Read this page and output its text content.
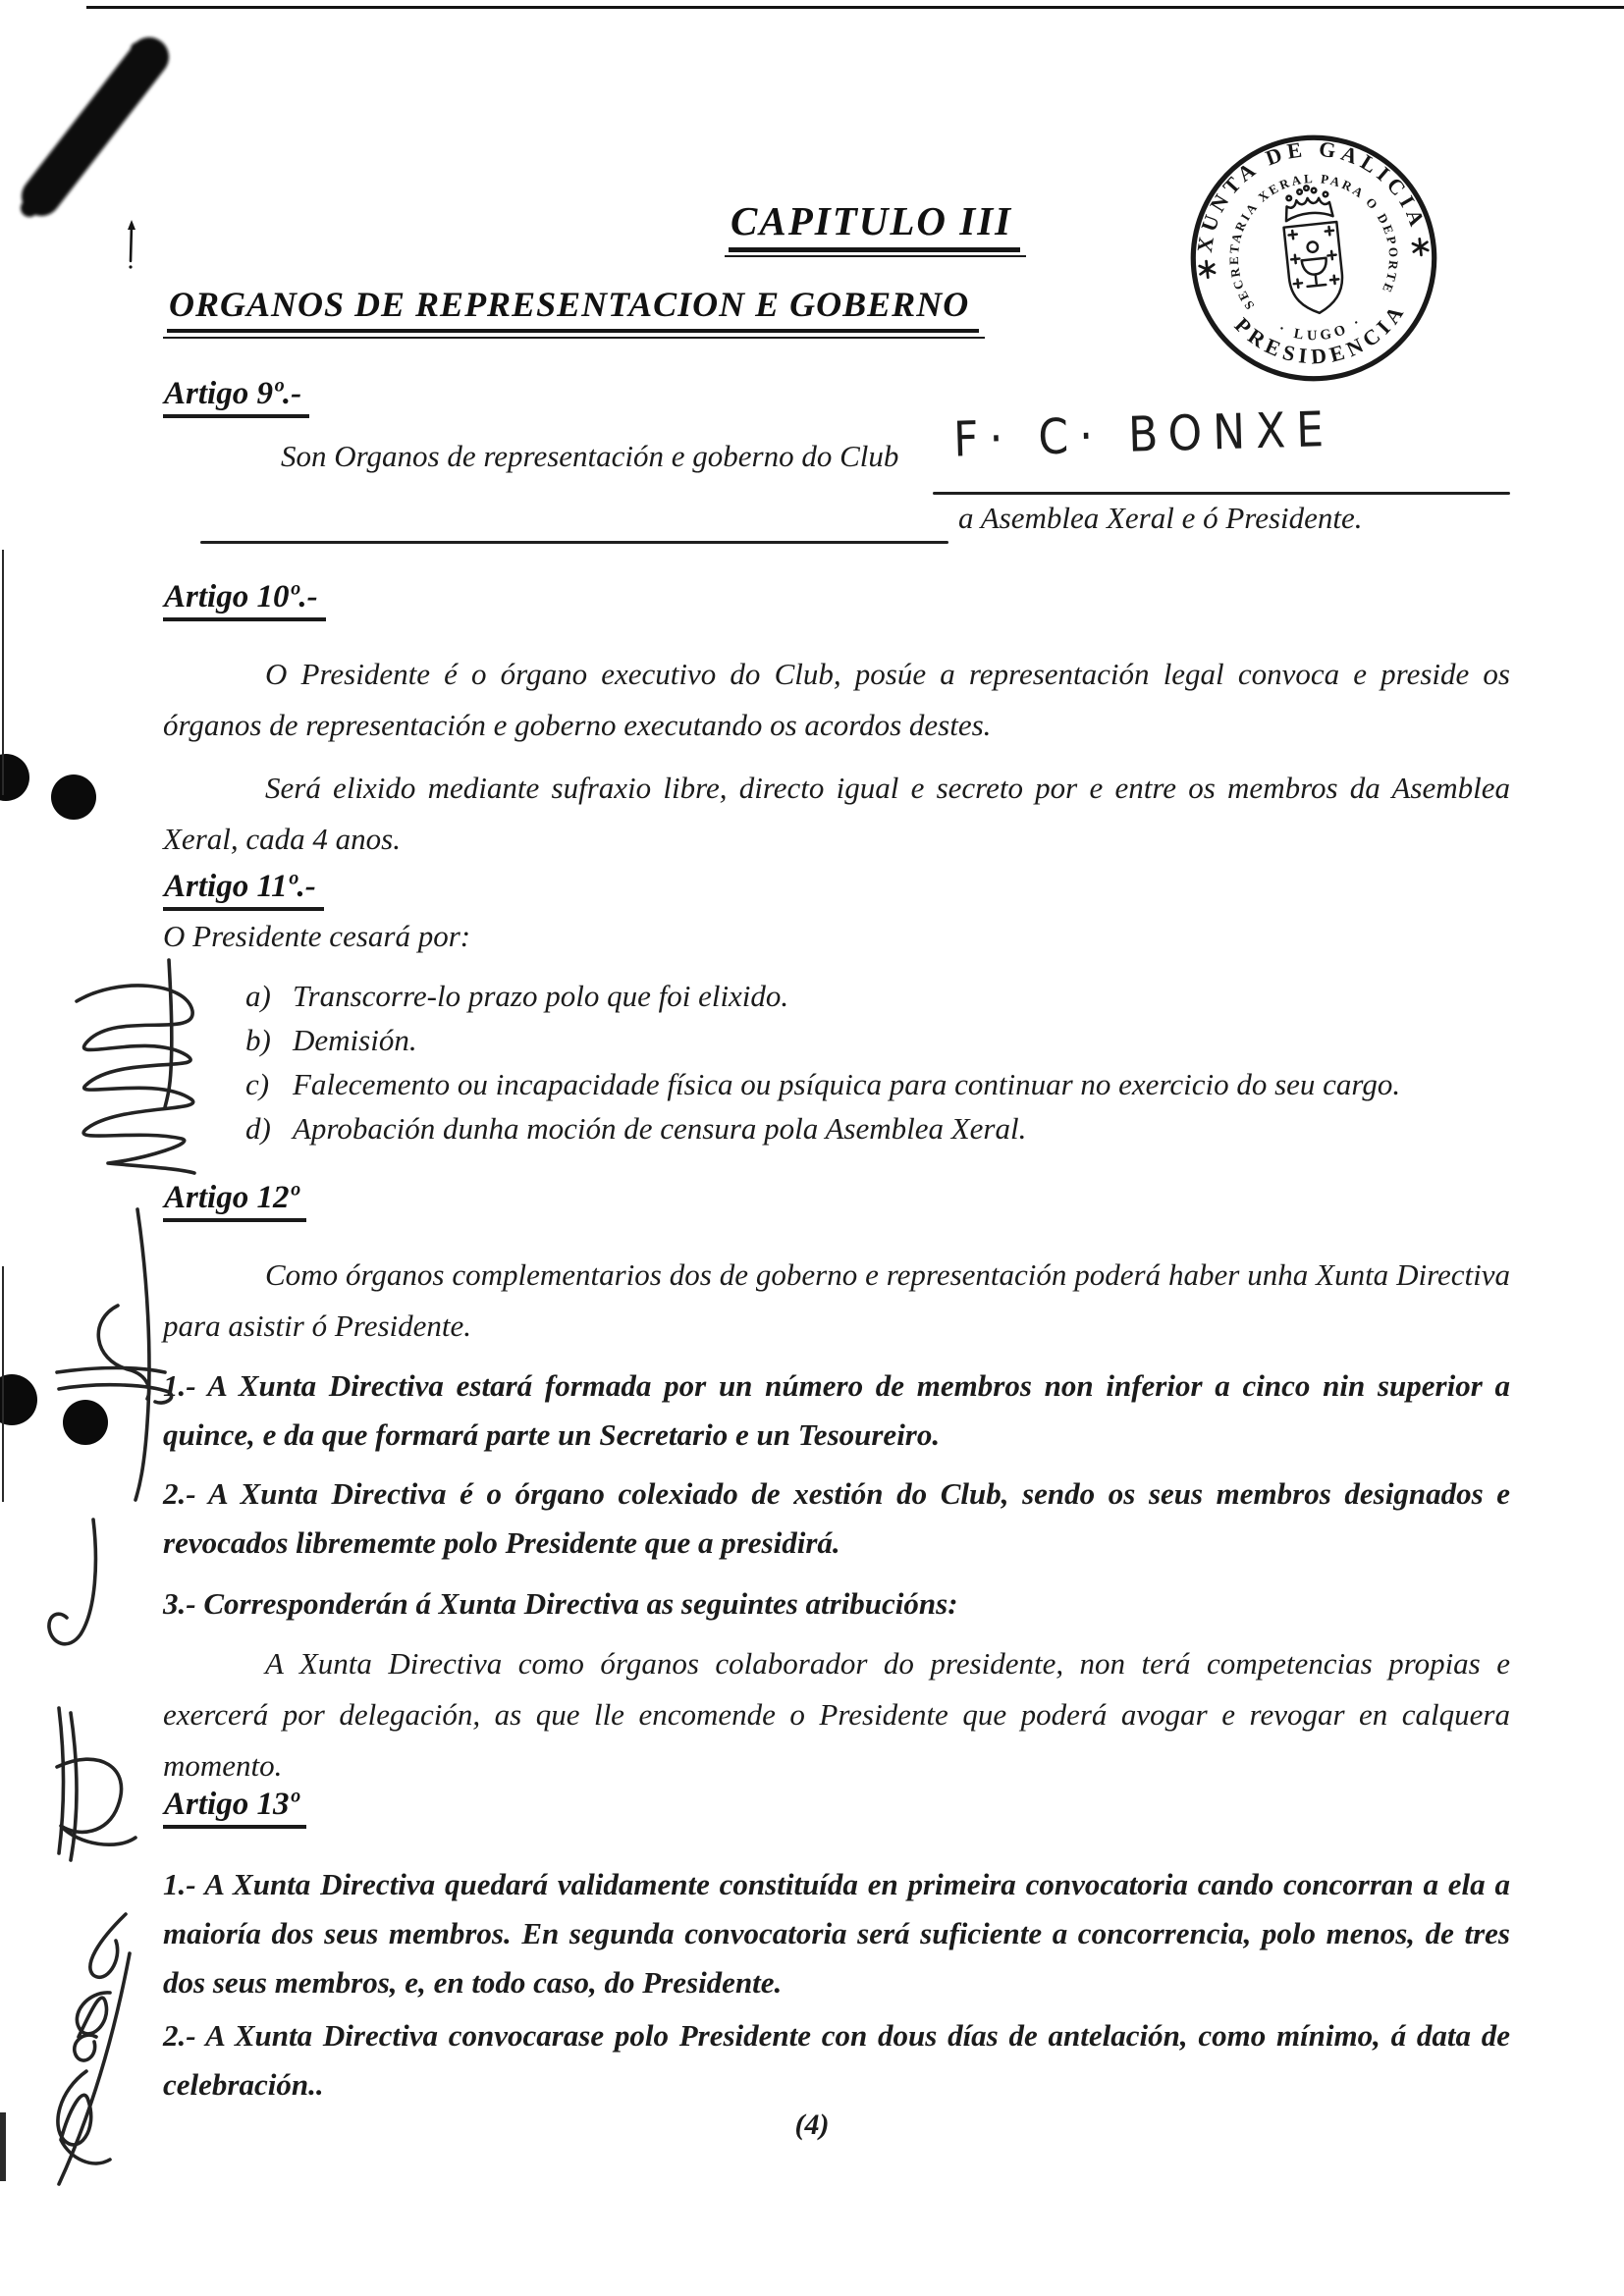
XUNTA DE GALICIA
PRESIDENCIA
SECRETARIA XERAL PARA O DEPORTE
· LUGO ·
CAPITULO III
ORGANOS DE REPRESENTACION E GOBERNO
Artigo 9º.-
Son Organos de representación e goberno do Club F· C· BONXE
a Asemblea Xeral e ó Presidente.
Artigo 10º.-

O Presidente é o órgano executivo do Club, posúe a representación legal convoca e preside os órganos de representación e goberno executando os acordos destes.

Será elixido mediante sufraxio libre, directo igual e secreto por e entre os membros da Asemblea Xeral, cada 4 anos.

Artigo 11º.-
O Presidente cesará por:
a) Transcorre-lo prazo polo que foi elixido.
b) Demisión.
c) Falecemento ou incapacidade física ou psíquica para continuar no exercicio do seu cargo.
d) Aprobación dunha moción de censura pola Asemblea Xeral.
Artigo 12º

Como órganos complementarios dos de goberno e representación poderá haber unha Xunta Directiva para asistir ó Presidente.

1.- A Xunta Directiva estará formada por un número de membros non inferior a cinco nin superior a quince, e da que formará parte un Secretario e un Tesoureiro.

2.- A Xunta Directiva é o órgano colexiado de xestión do Club, sendo os seus membros designados e revocados librememte polo Presidente que a presidirá.

3.- Corresponderán á Xunta Directiva as seguintes atribucións:

A Xunta Directiva como órganos colaborador do presidente, non terá competencias propias e exercerá por delegación, as que lle encomende o Presidente que poderá avogar e revogar en calquera momento.

Artigo 13º

1.- A Xunta Directiva quedará validamente constituída en primeira convocatoria cando concorran a ela a maioría dos seus membros. En segunda convocatoria será suficiente a concorrencia, polo menos, de tres dos seus membros, e, en todo caso, do Presidente.

2.- A Xunta Directiva convocarase polo Presidente con dous días de antelación, como mínimo, á data de celebración..

(4)
